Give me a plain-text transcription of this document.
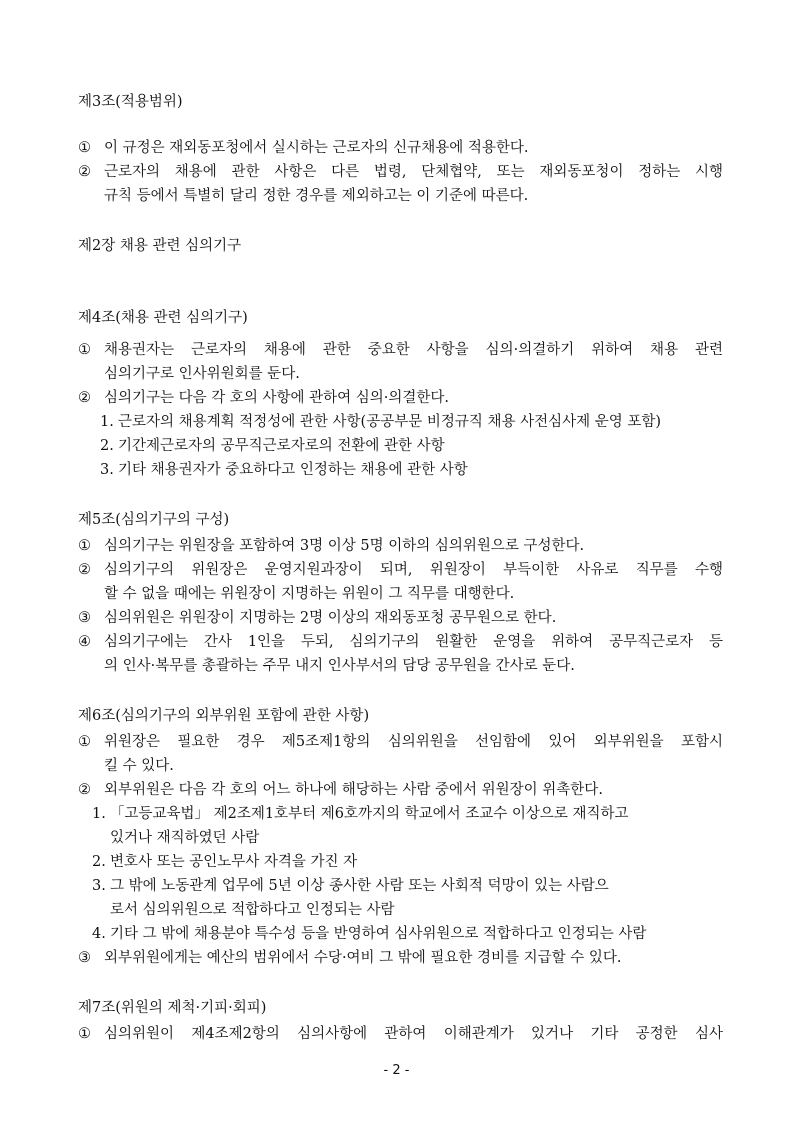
제3조(적용범위)
① 이 규정은 재외동포청에서 실시하는 근로자의 신규채용에 적용한다.
② 근로자의 채용에 관한 사항은 다른 법령, 단체협약, 또는 재외동포청이 정하는 시행
규칙 등에서 특별히 달리 정한 경우를 제외하고는 이 기준에 따른다.
제2장 채용 관련 심의기구
제4조(채용 관련 심의기구)
① 채용권자는 근로자의 채용에 관한 중요한 사항을 심의·의결하기 위하여 채용 관련
심의기구로 인사위원회를 둔다.
② 심의기구는 다음 각 호의 사항에 관하여 심의·의결한다.
1. 근로자의 채용계획 적정성에 관한 사항(공공부문 비정규직 채용 사전심사제 운영 포함)
2. 기간제근로자의 공무직근로자로의 전환에 관한 사항
3. 기타 채용권자가 중요하다고 인정하는 채용에 관한 사항
제5조(심의기구의 구성)
① 심의기구는 위원장을 포함하여 3명 이상 5명 이하의 심의위원으로 구성한다.
② 심의기구의 위원장은 운영지원과장이 되며, 위원장이 부득이한 사유로 직무를 수행
할 수 없을 때에는 위원장이 지명하는 위원이 그 직무를 대행한다.
③ 심의위원은 위원장이 지명하는 2명 이상의 재외동포청 공무원으로 한다.
④ 심의기구에는 간사 1인을 두되, 심의기구의 원활한 운영을 위하여 공무직근로자 등
의 인사·복무를 총괄하는 주무 내지 인사부서의 담당 공무원을 간사로 둔다.
제6조(심의기구의 외부위원 포함에 관한 사항)
① 위원장은 필요한 경우 제5조제1항의 심의위원을 선임함에 있어 외부위원을 포함시
킬 수 있다.
② 외부위원은 다음 각 호의 어느 하나에 해당하는 사람 중에서 위원장이 위촉한다.
1. 「고등교육법」 제2조제1호부터 제6호까지의 학교에서 조교수 이상으로 재직하고
있거나 재직하였던 사람
2. 변호사 또는 공인노무사 자격을 가진 자
3. 그 밖에 노동관계 업무에 5년 이상 종사한 사람 또는 사회적 덕망이 있는 사람으
로서 심의위원으로 적합하다고 인정되는 사람
4. 기타 그 밖에 채용분야 특수성 등을 반영하여 심사위원으로 적합하다고 인정되는 사람
③ 외부위원에게는 예산의 범위에서 수당·여비 그 밖에 필요한 경비를 지급할 수 있다.
제7조(위원의 제척·기피·회피)
① 심의위원이 제4조제2항의 심의사항에 관하여 이해관계가 있거나 기타 공정한 심사
- 2 -
